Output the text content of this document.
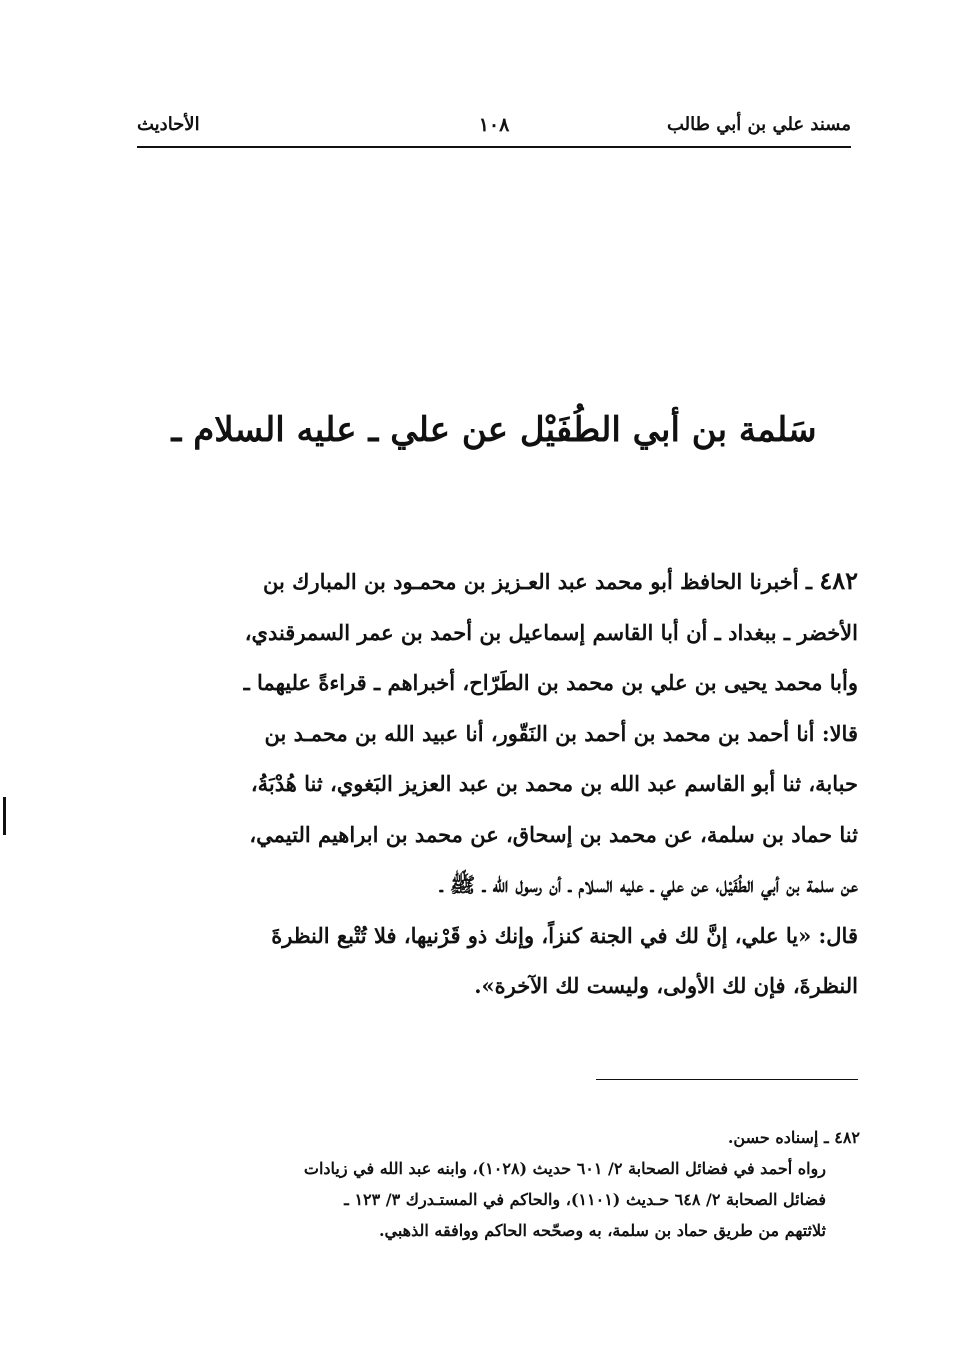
مسند علي بن أبي طالب
١٠٨
الأحاديث
سَلمة بن أبي الطُفَيْل عن علي ـ عليه السلام ـ
٤٨٢ ـ أخبرنا الحافظ أبو محمد عبد العـزيز بن محمـود بن المبارك بن
الأخضر ـ ببغداد ـ أن أبا القاسم إسماعيل بن أحمد بن عمر السمرقندي،
وأبا محمد يحيى بن علي بن محمد بن الطَرّاح، أخبراهم ـ قراءةً عليهما ـ
قالا: أنا أحمد بن محمد بن أحمد بن النَقّور، أنا عبيد الله بن محمـد بن
حبابة، ثنا أبو القاسم عبد الله بن محمد بن عبد العزيز البَغوي، ثنا هُدْبَةُ،
ثنا حماد بن سلمة، عن محمد بن إسحاق، عن محمد بن ابراهيم التيمي،
عن سلمة بن أبي الطُفَيْل، عن علي ـ عليه السلام ـ أن رسول الله ـ ﷺ ـ
قال: «يا علي، إنَّ لك في الجنة كنزاً، وإنك ذو قَرْنيها، فلا تُتْبع النظرةَ
النظرةَ، فإن لك الأولى، وليست لك الآخرة».
٤٨٢ ـ إسناده حسن.
رواه أحمد في فضائل الصحابة ٢/ ٦٠١ حديث (١٠٢٨)، وابنه عبد الله في زيادات
فضائل الصحابة ٢/ ٦٤٨ حـديث (١١٠١)، والحاكم في المستـدرك ٣/ ١٢٣ ـ
ثلاثتهم من طريق حماد بن سلمة، به وصحّحه الحاكم ووافقه الذهبي.
